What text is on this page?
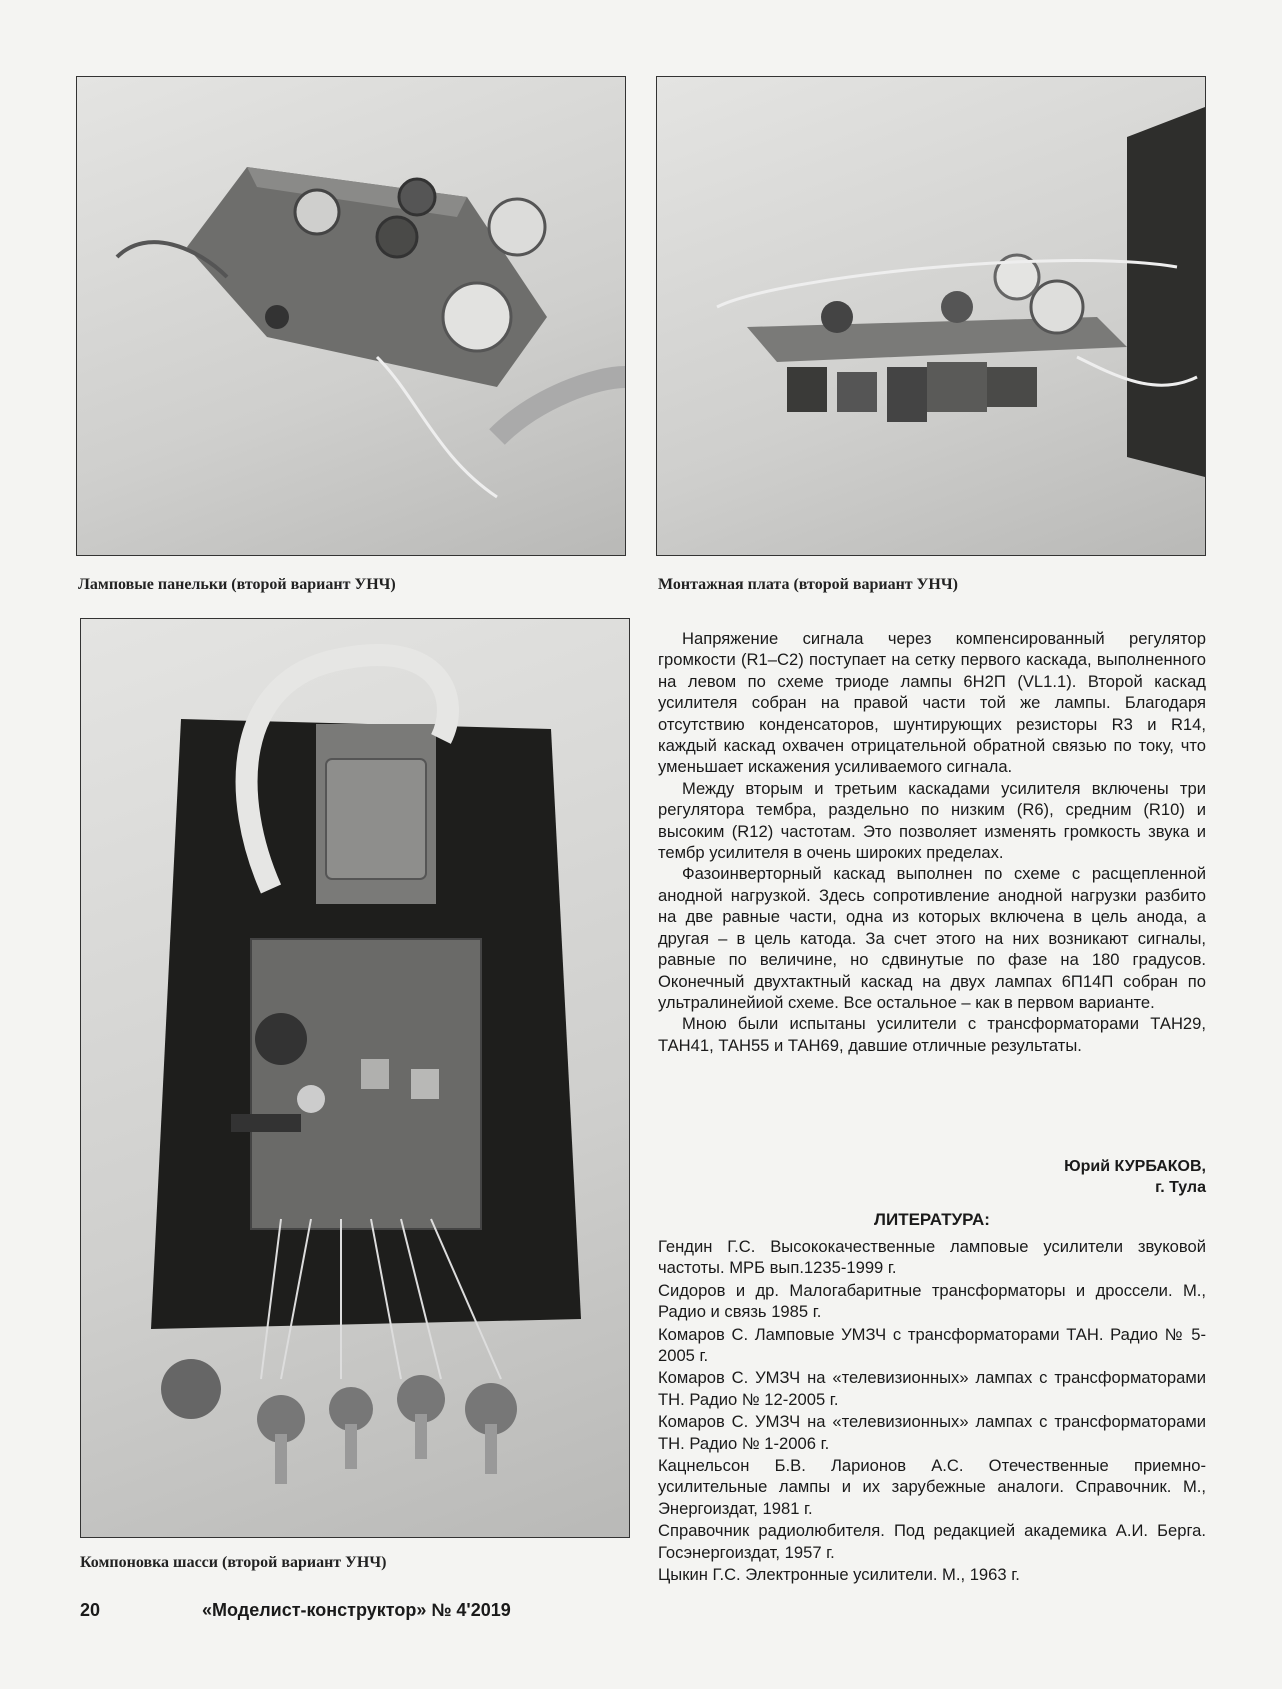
Ламповые панельки (второй вариант УНЧ)	Монтажная плата (второй вариант УНЧ)
Компоновка шасси (второй вариант УНЧ)

Напряжение сигнала через компенсированный регулятор громкости (R1–C2) поступает на сетку первого каскада, выполненного на левом по схеме триоде лампы 6Н2П (VL1.1). Второй каскад усилителя собран на правой части той же лампы. Благодаря отсутствию конденсаторов, шунтирующих резисторы R3 и R14, каждый каскад охвачен отрицательной обратной связью по току, что уменьшает искажения усиливаемого сигнала.

Между вторым и третьим каскадами усилителя включены три регулятора тембра, раздельно по низким (R6), средним (R10) и высоким (R12) частотам. Это позволяет изменять громкость звука и тембр усилителя в очень широких пределах.

Фазоинверторный каскад выполнен по схеме с расщепленной анодной нагрузкой. Здесь сопротивление анодной нагрузки разбито на две равные части, одна из которых включена в цель анода, а другая – в цель катода. За счет этого на них возникают сигналы, равные по величине, но сдвинутые по фазе на 180 градусов. Оконечный двухтактный каскад на двух лампах 6П14П собран по ультралинейиой схеме. Все остальное – как в первом варианте.

Мною были испытаны усилители с трансформаторами ТАН29, ТАН41, ТАН55 и ТАН69, давшие отличные результаты.

Юрий КУРБАКОВ,
г. Тула
ЛИТЕРАТУРА:
Гендин Г.С. Высококачественные ламповые усилители звуковой частоты. МРБ вып.1235-1999 г.
Сидоров и др. Малогабаритные трансформаторы и дроссели. М., Радио и связь 1985 г.
Комаров С. Ламповые УМЗЧ с трансформаторами ТАН. Радио № 5-2005 г.
Комаров С. УМЗЧ на «телевизионных» лампах с трансформаторами ТН. Радио № 12-2005 г.
Комаров С. УМЗЧ на «телевизионных» лампах с трансформаторами ТН. Радио № 1-2006 г.
Кацнельсон Б.В. Ларионов А.С. Отечественные приемно-усилительные лампы и их зарубежные аналоги. Справочник. М., Энергоиздат, 1981 г.
Справочник радиолюбителя. Под редакцией академика А.И. Берга. Госэнергоиздат, 1957 г.
Цыкин Г.С. Электронные усилители. М., 1963 г.
20	«Моделист-конструктор» № 4'2019
